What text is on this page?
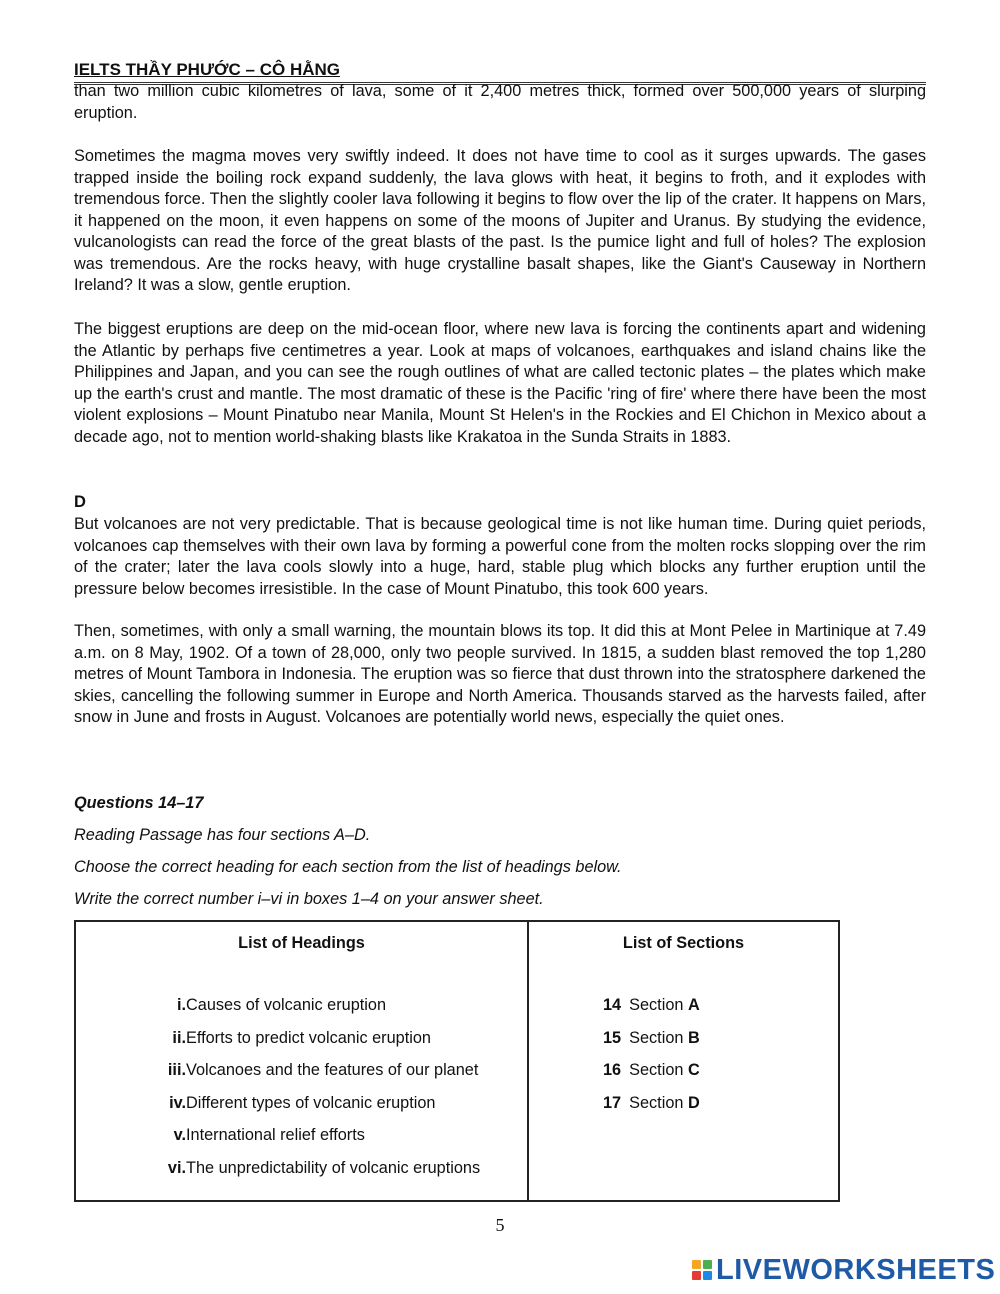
IELTS THẦY PHƯỚC – CÔ HẰNG

than two million cubic kilometres of lava, some of it 2,400 metres thick, formed over 500,000 years of slurping eruption.

Sometimes the magma moves very swiftly indeed. It does not have time to cool as it surges upwards. The gases trapped inside the boiling rock expand suddenly, the lava glows with heat, it begins to froth, and it explodes with tremendous force. Then the slightly cooler lava following it begins to flow over the lip of the crater. It happens on Mars, it happened on the moon, it even happens on some of the moons of Jupiter and Uranus. By studying the evidence, vulcanologists can read the force of the great blasts of the past. Is the pumice light and full of holes? The explosion was tremendous. Are the rocks heavy, with huge crystalline basalt shapes, like the Giant's Causeway in Northern Ireland? It was a slow, gentle eruption.

The biggest eruptions are deep on the mid-ocean floor, where new lava is forcing the continents apart and widening the Atlantic by perhaps five centimetres a year. Look at maps of volcanoes, earthquakes and island chains like the Philippines and Japan, and you can see the rough outlines of what are called tectonic plates – the plates which make up the earth's crust and mantle. The most dramatic of these is the Pacific 'ring of fire' where there have been the most violent explosions – Mount Pinatubo near Manila, Mount St Helen's in the Rockies and El Chichon in Mexico about a decade ago, not to mention world-shaking blasts like Krakatoa in the Sunda Straits in 1883.

D

But volcanoes are not very predictable. That is because geological time is not like human time. During quiet periods, volcanoes cap themselves with their own lava by forming a powerful cone from the molten rocks slopping over the rim of the crater; later the lava cools slowly into a huge, hard, stable plug which blocks any further eruption until the pressure below becomes irresistible. In the case of Mount Pinatubo, this took 600 years.

Then, sometimes, with only a small warning, the mountain blows its top. It did this at Mont Pelee in Martinique at 7.49 a.m. on 8 May, 1902. Of a town of 28,000, only two people survived. In 1815, a sudden blast removed the top 1,280 metres of Mount Tambora in Indonesia. The eruption was so fierce that dust thrown into the stratosphere darkened the skies, cancelling the following summer in Europe and North America. Thousands starved as the harvests failed, after snow in June and frosts in August. Volcanoes are potentially world news, especially the quiet ones.

Questions 14–17
Reading Passage has four sections A–D.
Choose the correct heading for each section from the list of headings below.
Write the correct number i–vi in boxes 1–4 on your answer sheet.
List of Headings
i. Causes of volcanic eruption
ii. Efforts to predict volcanic eruption
iii. Volcanoes and the features of our planet
iv. Different types of volcanic eruption
v. International relief efforts
vi. The unpredictability of volcanic eruptions

List of Sections
14 Section A
15 Section B
16 Section C
17 Section D
5
LIVEWORKSHEETS
